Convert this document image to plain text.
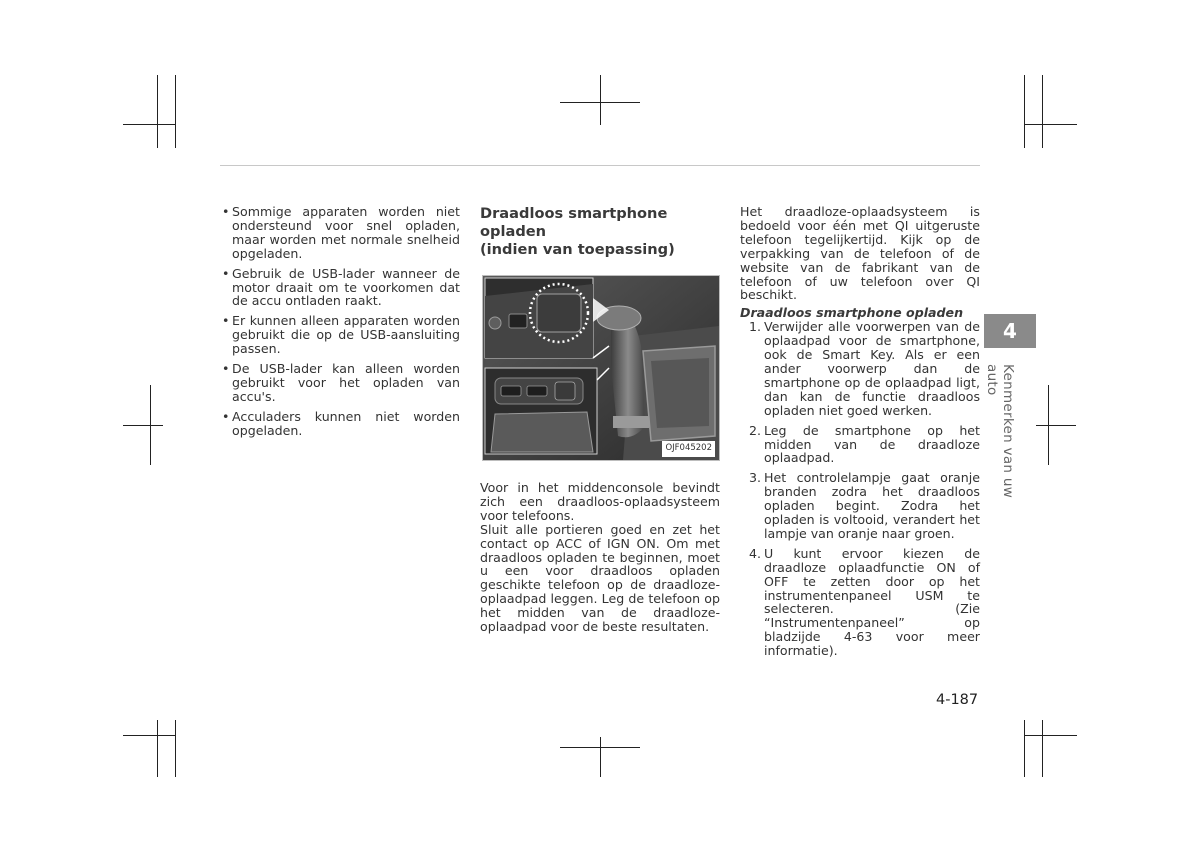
• Sommige apparaten worden niet ondersteund voor snel opladen, maar worden met normale snelheid opgeladen.
• Gebruik de USB-lader wanneer de motor draait om te voorkomen dat de accu ontladen raakt.
• Er kunnen alleen apparaten worden gebruikt die op de USB-aansluiting passen.
• De USB-lader kan alleen worden gebruikt voor het opladen van accu's.
• Acculaders kunnen niet worden opgeladen.
Draadloos smartphone opladen
(indien van toepassing)
OJF045202

Voor in het middenconsole bevindt zich een draadloos-oplaadsysteem voor telefoons.

Sluit alle portieren goed en zet het contact op ACC of IGN ON. Om met draadloos opladen te beginnen, moet u een voor draadloos opladen geschikte telefoon op de draadloze-oplaadpad leggen. Leg de telefoon op het midden van de draadloze-oplaadpad voor de beste resultaten.

Het draadloze-oplaadsysteem is bedoeld voor één met QI uitgeruste telefoon tegelijkertijd. Kijk op de verpakking van de telefoon of de website van de fabrikant van de telefoon of uw telefoon over QI beschikt.

Draadloos smartphone opladen

1. Verwijder alle voorwerpen van de oplaadpad voor de smartphone, ook de Smart Key. Als er een ander voorwerp dan de smartphone op de oplaadpad ligt, dan kan de functie draadloos opladen niet goed werken.
2. Leg de smartphone op het midden van de draadloze oplaadpad.
3. Het controlelampje gaat oranje branden zodra het draadloos opladen begint. Zodra het opladen is voltooid, verandert het lampje van oranje naar groen.
4. U kunt ervoor kiezen de draadloze oplaadfunctie ON of OFF te zetten door op het instrumentenpaneel USM te selecteren. (Zie “Instrumentenpaneel” op bladzijde 4-63 voor meer informatie).
4
Kenmerken van uw auto
4-187
